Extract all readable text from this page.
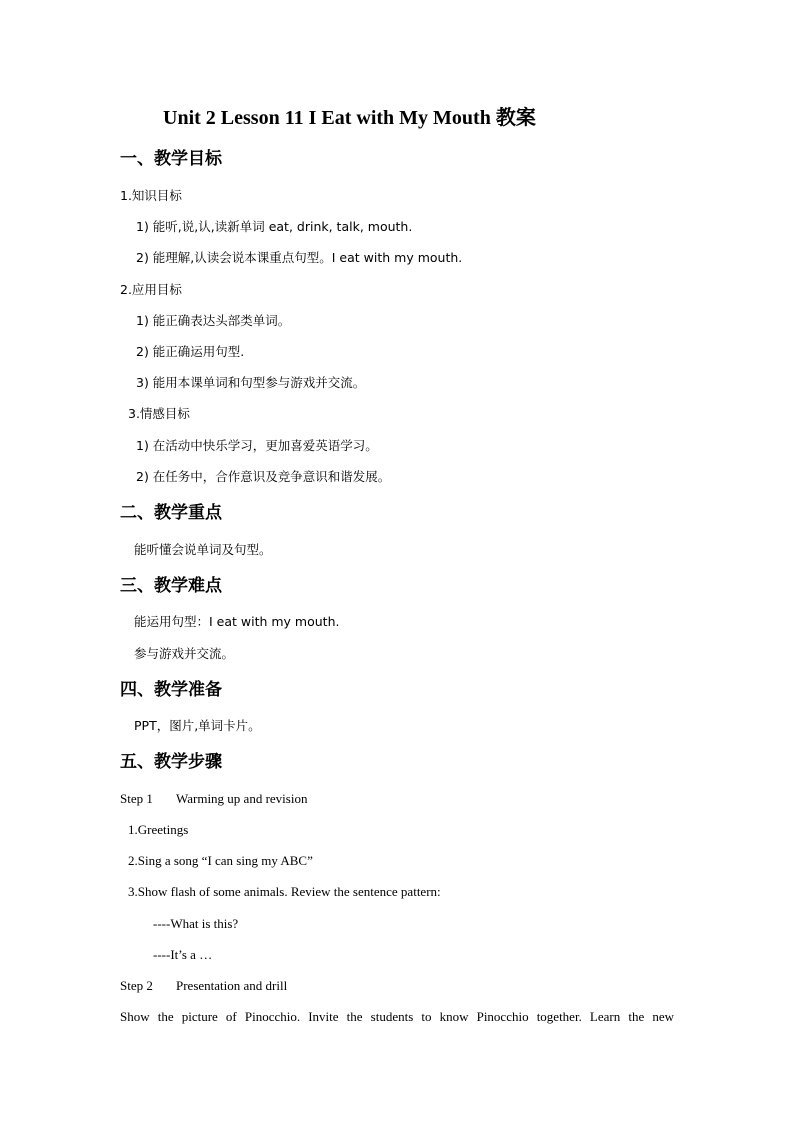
Unit 2 Lesson 11 I Eat with My Mouth 教案
一、教学目标
1.知识目标
1) 能听,说,认,读新单词 eat, drink, talk, mouth.
2) 能理解,认读会说本课重点句型。I eat with my mouth.
2.应用目标
1) 能正确表达头部类单词。
2) 能正确运用句型.
3) 能用本课单词和句型参与游戏并交流。
3.情感目标
1) 在活动中快乐学习，更加喜爱英语学习。
2) 在任务中，合作意识及竞争意识和谐发展。
二、教学重点
能听懂会说单词及句型。
三、教学难点
能运用句型：I eat with my mouth.
参与游戏并交流。
四、教学准备
PPT，图片,单词卡片。
五、教学步骤
Step 1 Warming up and revision
1.Greetings
2.Sing a song “I can sing my ABC”
3.Show flash of some animals. Review the sentence pattern:
----What is this?
----It’s a …
Step 2 Presentation and drill
Show the picture of Pinocchio. Invite the students to know Pinocchio together. Learn the new
